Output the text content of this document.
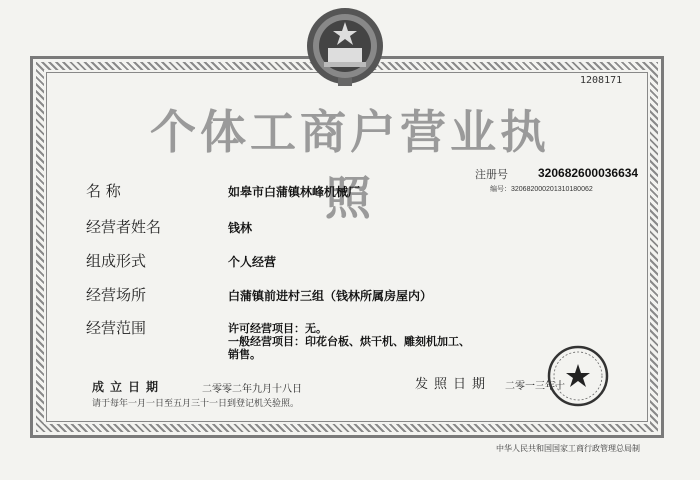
1208171
个体工商户营业执照	注册号	320682600036634
编号：320682000201310180062
名 称	如皋市白蒲镇林峰机械厂
经营者姓名	钱林
组成形式	个人经营
经营场所	白蒲镇前进村三组（钱林所属房屋内）
经营范围	许可经营项目：无。
一般经营项目：印花台板、烘干机、雕刻机加工、
销售。
成立日期	二零零二年九月十八日
请于每年一月一日至五月三十一日到登记机关验照。
发照日期 二零一三年十
中华人民共和国国家工商行政管理总局制
